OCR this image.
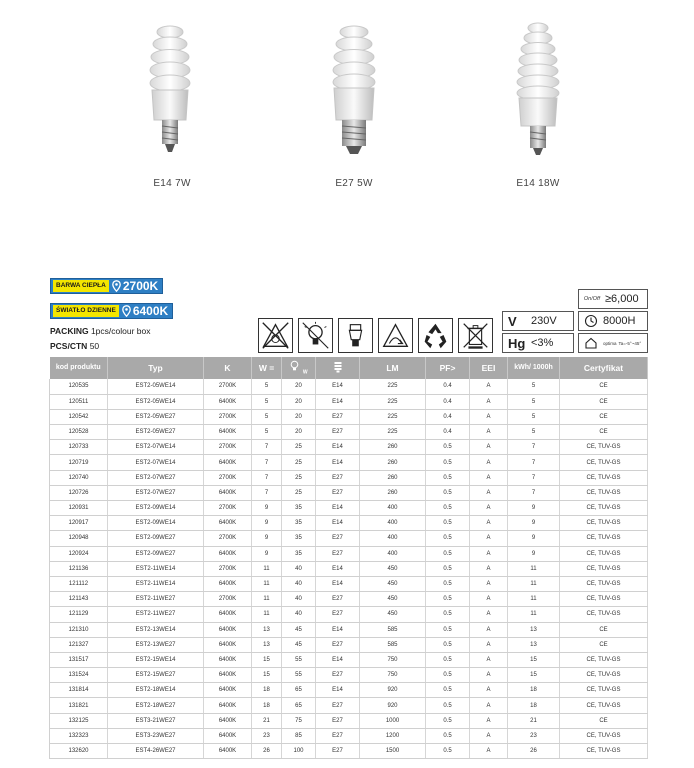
E14 7W	E27 5W	E14 18W
BARWA CIEPŁA 2700K
ŚWIATŁO DZIENNE 6400K
PACKING 1pcs/colour box
PCS/CTN 50
V	230V
Hg <3%
On/Off ≥6,000
8000H
optima Ta=-5°~45°
kod produktu	Typ	K	W =	$_W$		LM	PF>	EEI	kWh/ 1000h	Certyfikat
120535	EST2-05WE14	2700K	5	20	E14	225	0.4	A	5	CE
120511	EST2-05WE14	6400K	5	20	E14	225	0.4	A	5	CE
120542	EST2-05WE27	2700K	5	20	E27	225	0.4	A	5	CE
120528	EST2-05WE27	6400K	5	20	E27	225	0.4	A	5	CE
120733	EST2-07WE14	2700K	7	25	E14	260	0.5	A	7	CE, TUV-GS
120719	EST2-07WE14	6400K	7	25	E14	260	0.5	A	7	CE, TUV-GS
120740	EST2-07WE27	2700K	7	25	E27	260	0.5	A	7	CE, TUV-GS
120726	EST2-07WE27	6400K	7	25	E27	260	0.5	A	7	CE, TUV-GS
120931	EST2-09WE14	2700K	9	35	E14	400	0.5	A	9	CE, TUV-GS
120917	EST2-09WE14	6400K	9	35	E14	400	0.5	A	9	CE, TUV-GS
120948	EST2-09WE27	2700K	9	35	E27	400	0.5	A	9	CE, TUV-GS
120924	EST2-09WE27	6400K	9	35	E27	400	0.5	A	9	CE, TUV-GS
121136	EST2-11WE14	2700K	11	40	E14	450	0.5	A	11	CE, TUV-GS
121112	EST2-11WE14	6400K	11	40	E14	450	0.5	A	11	CE, TUV-GS
121143	EST2-11WE27	2700K	11	40	E27	450	0.5	A	11	CE, TUV-GS
121129	EST2-11WE27	6400K	11	40	E27	450	0.5	A	11	CE, TUV-GS
121310	EST2-13WE14	6400K	13	45	E14	585	0.5	A	13	CE
121327	EST2-13WE27	6400K	13	45	E27	585	0.5	A	13	CE
131517	EST2-15WE14	6400K	15	55	E14	750	0.5	A	15	CE, TUV-GS
131524	EST2-15WE27	6400K	15	55	E27	750	0.5	A	15	CE, TUV-GS
131814	EST2-18WE14	6400K	18	65	E14	920	0.5	A	18	CE, TUV-GS
131821	EST2-18WE27	6400K	18	65	E27	920	0.5	A	18	CE, TUV-GS
132125	EST3-21WE27	6400K	21	75	E27	1000	0.5	A	21	CE
132323	EST3-23WE27	6400K	23	85	E27	1200	0.5	A	23	CE, TUV-GS
132620	EST4-26WE27	6400K	26	100	E27	1500	0.5	A	26	CE, TUV-GS
